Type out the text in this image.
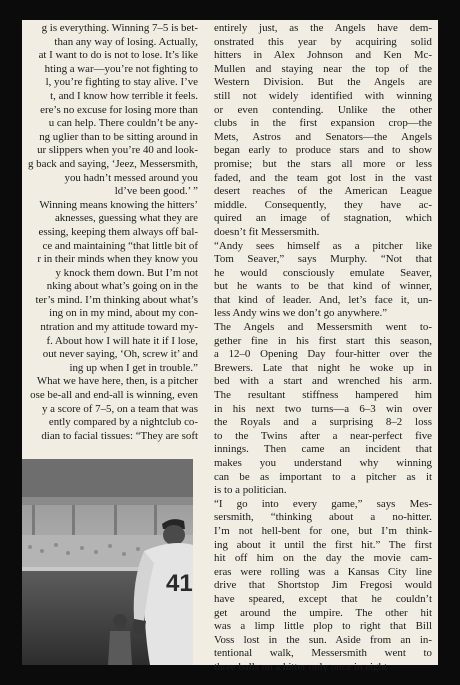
g is everything. Winning 7–5 is bet-
than any way of losing. Actually,
at I want to do is not to lose. It’s like
hting a war—you’re not fighting to
l, you’re fighting to stay alive. I’ve
t, and I know how terrible it feels.
ere’s no excuse for losing more than
u can help. There couldn’t be any-
ng uglier than to be sitting around in
ur slippers when you’re 40 and look-
g back and saying, ‘Jeez, Messersmith,
you hadn’t messed around you
ld’ve been good.’ ”
Winning means knowing the hitters’
aknesses, guessing what they are
essing, keeping them always off bal-
ce and maintaining “that little bit of
r in their minds when they know you
y knock them down. But I’m not
nking about what’s going on in the
ter’s mind. I’m thinking about what’s
ing on in my mind, about my con-
ntration and my attitude toward my-
f. About how I will hate it if I lose,
out never saying, ‘Oh, screw it’ and
ing up when I get in trouble.”
What we have here, then, is a pitcher
ose be-all and end-all is winning, even
y a score of 7–5, on a team that was
ently compared by a nightclub co-
dian to facial tissues: “They are soft
entirely just, as the Angels have dem-
onstrated this year by acquiring solid
hitters in Alex Johnson and Ken Mc-
Mullen and staying near the top of the
Western Division. But the Angels are
still not widely identified with winning
or even contending. Unlike the other
clubs in the first expansion crop—the
Mets, Astros and Senators—the Angels
began early to produce stars and to show
promise; but the stars all more or less
faded, and the team got lost in the vast
desert reaches of the American League
middle. Consequently, they have ac-
quired an image of stagnation, which
doesn’t fit Messersmith.
“Andy sees himself as a pitcher like
Tom Seaver,” says Murphy. “Not that
he would consciously emulate Seaver,
but he wants to be that kind of winner,
that kind of leader. And, let’s face it, un-
less Andy wins we don’t go anywhere.”
The Angels and Messersmith went to-
gether fine in his first start this season,
a 12–0 Opening Day four-hitter over the
Brewers. Late that night he woke up in
bed with a start and wrenched his arm.
The resultant stiffness hampered him
in his next two turns—a 6–3 win over
the Royals and a surprising 8–2 loss
to the Twins after a near-perfect five
innings. Then came an incident that
makes you understand why winning
can be as important to a pitcher as it
is to a politician.
“I go into every game,” says Mes-
sersmith, “thinking about a no-hitter.
I’m not hell-bent for one, but I’m think-
ing about it until the first hit.” The first
hit off him on the day the movie cam-
eras were rolling was a Kansas City line
drive that Shortstop Jim Fregosi would
have speared, except that he couldn’t
get around the umpire. The other hit
was a limp little plop to right that Bill
Voss lost in the sun. Aside from an in-
tentional walk, Messersmith went to
three balls on a hitter only once in eight
41
